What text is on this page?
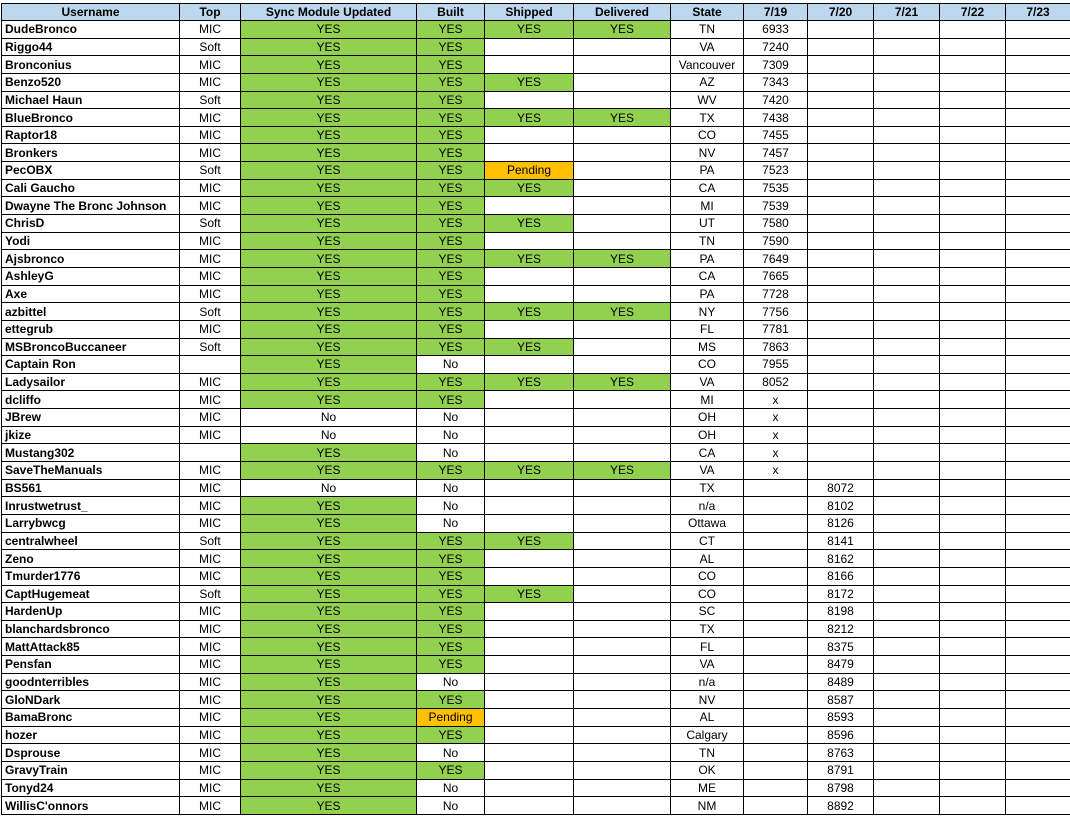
Username	Top	Sync Module Updated	Built	Shipped	Delivered	State	7/19	7/20	7/21	7/22	7/23
DudeBronco	MIC	YES	YES	YES	YES	TN	6933				
Riggo44	Soft	YES	YES			VA	7240				
Bronconius	MIC	YES	YES			Vancouver	7309				
Benzo520	MIC	YES	YES	YES		AZ	7343				
Michael Haun	Soft	YES	YES			WV	7420				
BlueBronco	MIC	YES	YES	YES	YES	TX	7438				
Raptor18	MIC	YES	YES			CO	7455				
Bronkers	MIC	YES	YES			NV	7457				
PecOBX	Soft	YES	YES	Pending		PA	7523				
Cali Gaucho	MIC	YES	YES	YES		CA	7535				
Dwayne The Bronc Johnson	MIC	YES	YES			MI	7539				
ChrisD	Soft	YES	YES	YES		UT	7580				
Yodi	MIC	YES	YES			TN	7590				
Ajsbronco	MIC	YES	YES	YES	YES	PA	7649				
AshleyG	MIC	YES	YES			CA	7665				
Axe	MIC	YES	YES			PA	7728				
azbittel	Soft	YES	YES	YES	YES	NY	7756				
ettegrub	MIC	YES	YES			FL	7781				
MSBroncoBuccaneer	Soft	YES	YES	YES		MS	7863				
Captain Ron		YES	No			CO	7955				
Ladysailor	MIC	YES	YES	YES	YES	VA	8052				
dcliffo	MIC	YES	YES			MI	x				
JBrew	MIC	No	No			OH	x				
jkize	MIC	No	No			OH	x				
Mustang302		YES	No			CA	x				
SaveTheManuals	MIC	YES	YES	YES	YES	VA	x				
BS561	MIC	No	No			TX		8072			
Inrustwetrust_	MIC	YES	No			n/a		8102			
Larrybwcg	MIC	YES	No			Ottawa		8126			
centralwheel	Soft	YES	YES	YES		CT		8141			
Zeno	MIC	YES	YES			AL		8162			
Tmurder1776	MIC	YES	YES			CO		8166			
CaptHugemeat	Soft	YES	YES	YES		CO		8172			
HardenUp	MIC	YES	YES			SC		8198			
blanchardsbronco	MIC	YES	YES			TX		8212			
MattAttack85	MIC	YES	YES			FL		8375			
Pensfan	MIC	YES	YES			VA		8479			
goodnterribles	MIC	YES	No			n/a		8489			
GloNDark	MIC	YES	YES			NV		8587			
BamaBronc	MIC	YES	Pending			AL		8593			
hozer	MIC	YES	YES			Calgary		8596			
Dsprouse	MIC	YES	No			TN		8763			
GravyTrain	MIC	YES	YES			OK		8791			
Tonyd24	MIC	YES	No			ME		8798			
WillisC'onnors	MIC	YES	No			NM		8892			
